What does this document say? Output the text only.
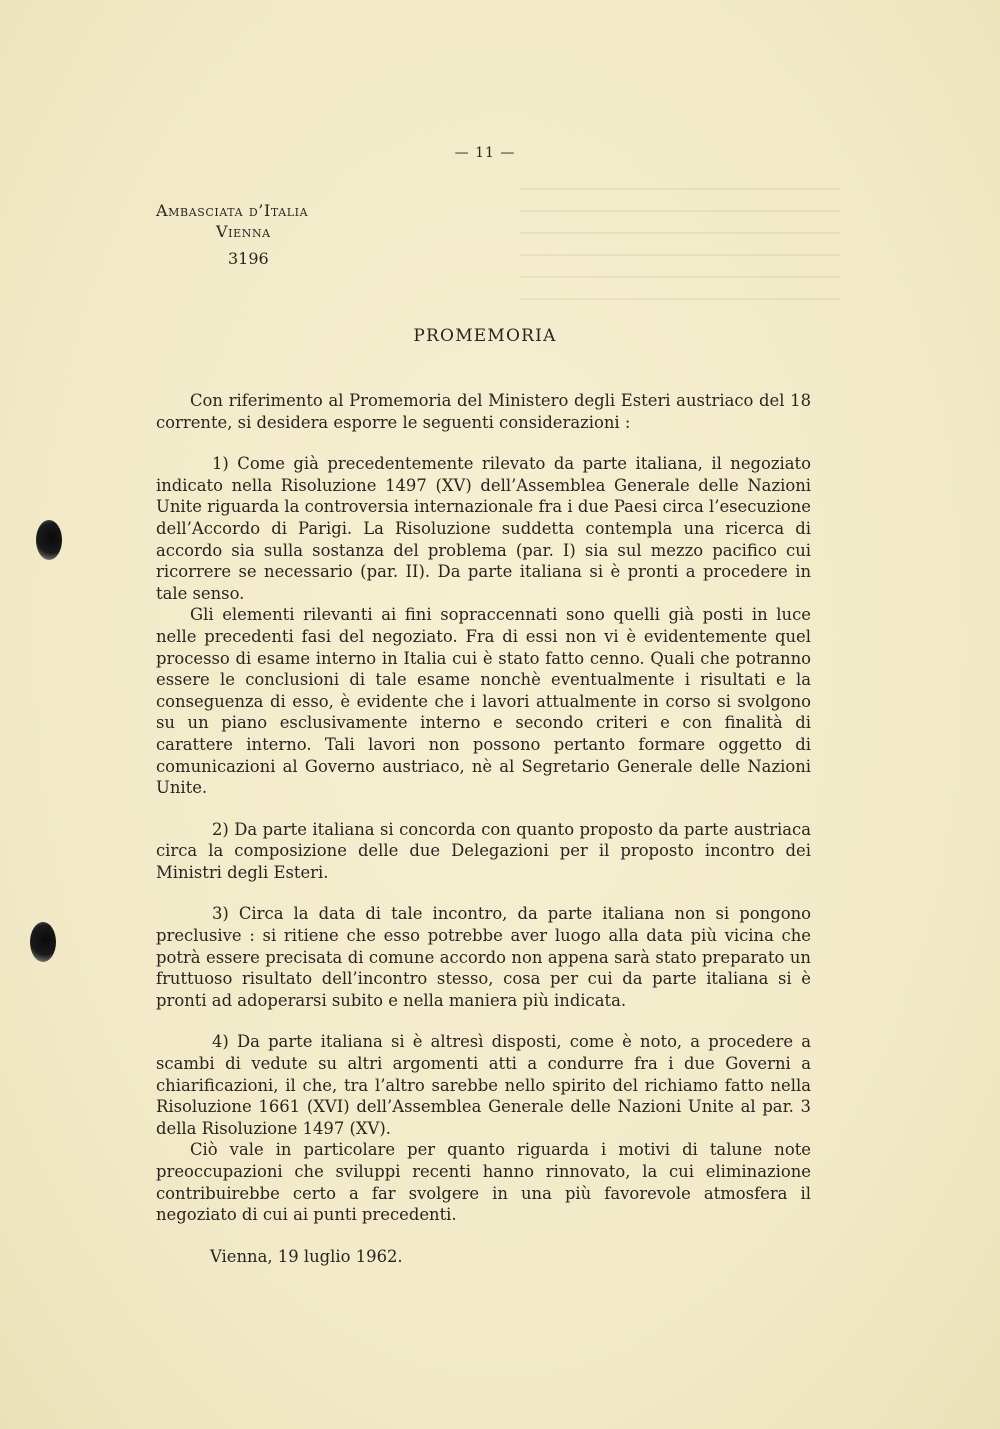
— 11 —
Ambasciata d’Italia
Vienna
3196
PROMEMORIA

Con riferimento al Promemoria del Ministero degli Esteri austriaco del 18 corrente, si desidera esporre le seguenti considerazioni :

1) Come già precedentemente rilevato da parte italiana, il negoziato indicato nella Risoluzione 1497 (XV) dell’Assemblea Generale delle Nazioni Unite riguarda la controversia internazionale fra i due Paesi circa l’esecuzione dell’Accordo di Parigi. La Risoluzione suddetta contempla una ricerca di accordo sia sulla sostanza del problema (par. I) sia sul mezzo pacifico cui ricorrere se necessario (par. II). Da parte italiana si è pronti a procedere in tale senso.

Gli elementi rilevanti ai fini sopraccennati sono quelli già posti in luce nelle precedenti fasi del negoziato. Fra di essi non vi è evidentemente quel processo di esame interno in Italia cui è stato fatto cenno. Quali che potranno essere le conclusioni di tale esame nonchè eventualmente i risultati e la conseguenza di esso, è evidente che i lavori attualmente in corso si svolgono su un piano esclusivamente interno e secondo criteri e con finalità di carattere interno. Tali lavori non possono pertanto formare oggetto di comunicazioni al Governo austriaco, nè al Segretario Generale delle Nazioni Unite.

2) Da parte italiana si concorda con quanto proposto da parte austriaca circa la composizione delle due Delegazioni per il proposto incontro dei Ministri degli Esteri.

3) Circa la data di tale incontro, da parte italiana non si pongono preclusive : si ritiene che esso potrebbe aver luogo alla data più vicina che potrà essere precisata di comune accordo non appena sarà stato preparato un fruttuoso risultato dell’incontro stesso, cosa per cui da parte italiana si è pronti ad adoperarsi subito e nella maniera più indicata.

4) Da parte italiana si è altresì disposti, come è noto, a procedere a scambi di vedute su altri argomenti atti a condurre fra i due Governi a chiarificazioni, il che, tra l’altro sarebbe nello spirito del richiamo fatto nella Risoluzione 1661 (XVI) dell’Assemblea Generale delle Nazioni Unite al par. 3 della Risoluzione 1497 (XV).

Ciò vale in particolare per quanto riguarda i motivi di talune note preoccupazioni che sviluppi recenti hanno rinnovato, la cui eliminazione contribuirebbe certo a far svolgere in una più favorevole atmosfera il negoziato di cui ai punti precedenti.

Vienna, 19 luglio 1962.
